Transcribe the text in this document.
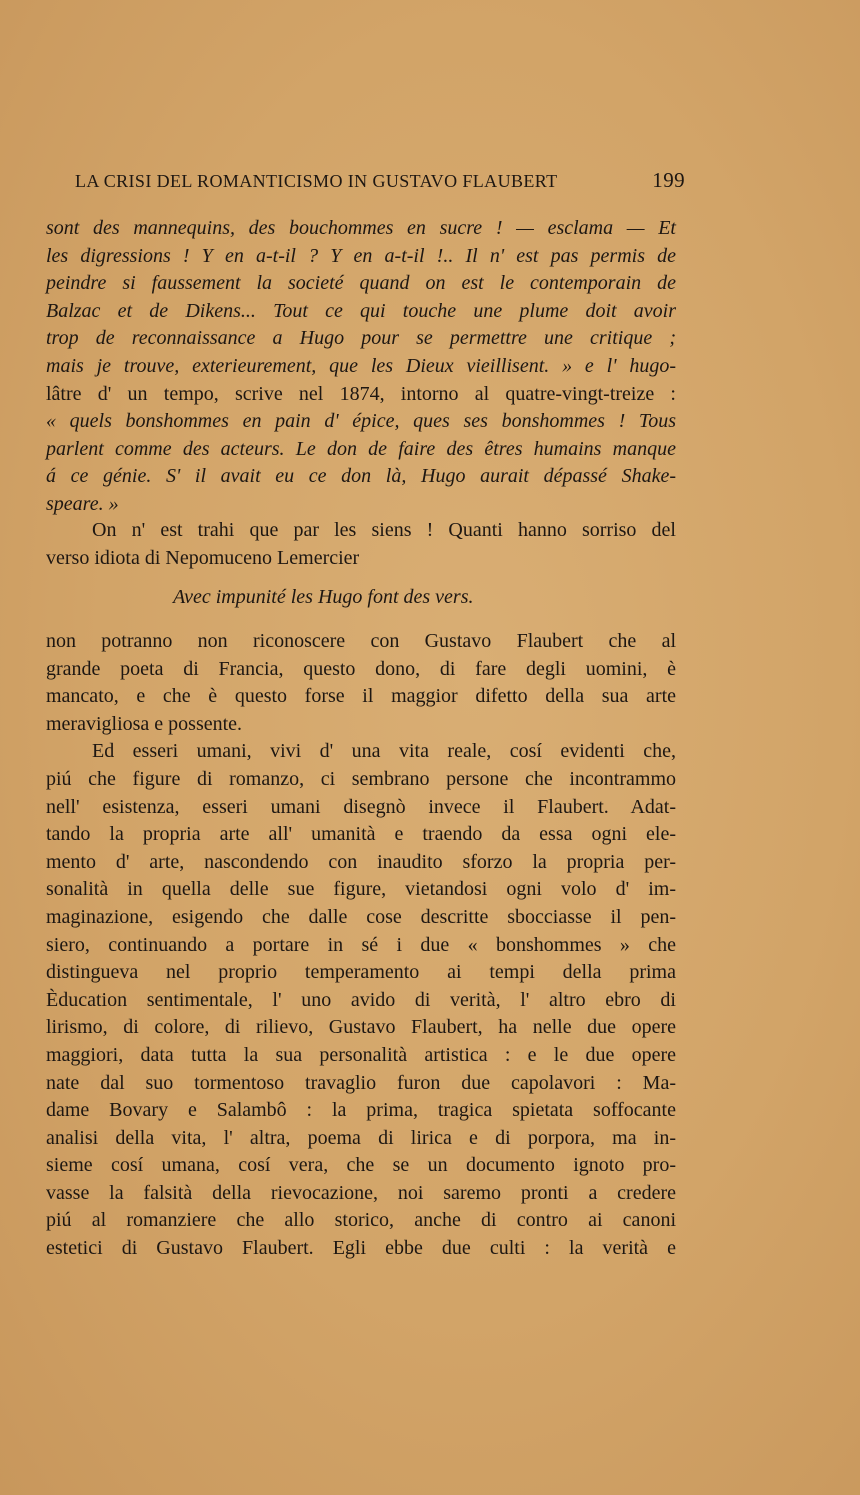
LA CRISI DEL ROMANTICISMO IN GUSTAVO FLAUBERT	199
sont des mannequins, des bouchommes en sucre ! — esclama — Et
les digressions ! Y en a-t-il ? Y en a-t-il !.. Il n' est pas permis de
peindre si faussement la societé quand on est le contemporain de
Balzac et de Dikens... Tout ce qui touche une plume doit avoir
trop de reconnaissance a Hugo pour se permettre une critique ;
mais je trouve, exterieurement, que les Dieux vieillisent. » e l' hugo-
lâtre d' un tempo, scrive nel 1874, intorno al quatre-vingt-treize :
« quels bonshommes en pain d' épice, ques ses bonshommes ! Tous
parlent comme des acteurs. Le don de faire des êtres humains manque
á ce génie. S' il avait eu ce don là, Hugo aurait dépassé Shake-
speare. »
On n' est trahi que par les siens ! Quanti hanno sorriso del
verso idiota di Nepomuceno Lemercier
Avec impunité les Hugo font des vers.
non potranno non riconoscere con Gustavo Flaubert che al
grande poeta di Francia, questo dono, di fare degli uomini, è
mancato, e che è questo forse il maggior difetto della sua arte
meravigliosa e possente.
Ed esseri umani, vivi d' una vita reale, cosí evidenti che,
piú che figure di romanzo, ci sembrano persone che incontrammo
nell' esistenza, esseri umani disegnò invece il Flaubert. Adat-
tando la propria arte all' umanità e traendo da essa ogni ele-
mento d' arte, nascondendo con inaudito sforzo la propria per-
sonalità in quella delle sue figure, vietandosi ogni volo d' im-
maginazione, esigendo che dalle cose descritte sbocciasse il pen-
siero, continuando a portare in sé i due « bonshommes » che
distingueva nel proprio temperamento ai tempi della prima
Èducation sentimentale, l' uno avido di verità, l' altro ebro di
lirismo, di colore, di rilievo, Gustavo Flaubert, ha nelle due opere
maggiori, data tutta la sua personalità artistica : e le due opere
nate dal suo tormentoso travaglio furon due capolavori : Ma-
dame Bovary e Salambô : la prima, tragica spietata soffocante
analisi della vita, l' altra, poema di lirica e di porpora, ma in-
sieme cosí umana, cosí vera, che se un documento ignoto pro-
vasse la falsità della rievocazione, noi saremo pronti a credere
piú al romanziere che allo storico, anche di contro ai canoni
estetici di Gustavo Flaubert. Egli ebbe due culti : la verità e
